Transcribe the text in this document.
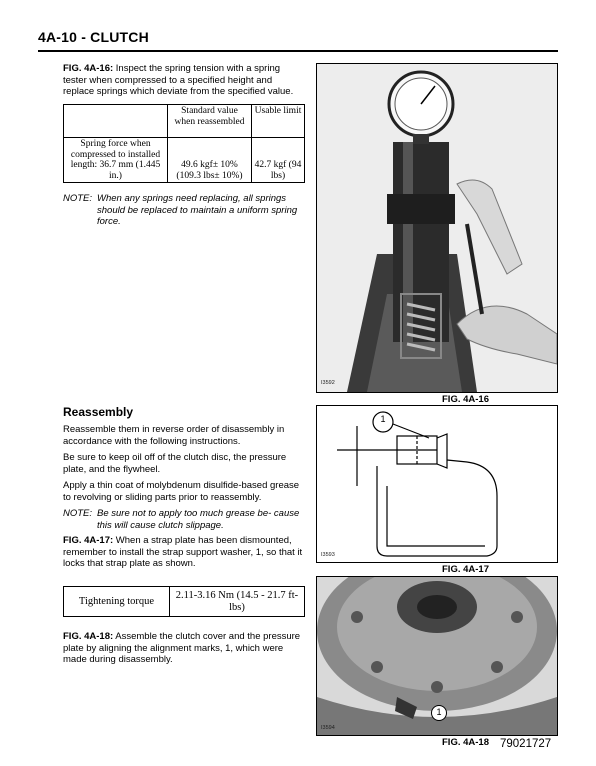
4A-10 - CLUTCH

FIG. 4A-16: Inspect the spring tension with a spring tester when compressed to a specified height and replace springs which deviate from the specified value.

	Standard value when reassembled	Usable limit
Spring force when compressed to installed length: 36.7 mm (1.445 in.)	49.6 kgf± 10% (109.3 lbs± 10%)	42.7 kgf (94 lbs)
NOTE: When any springs need replacing, all springs should be replaced to maintain a uniform spring force.
Reassembly

Reassemble them in reverse order of disassembly in accordance with the following instructions.

Be sure to keep oil off of the clutch disc, the pressure plate, and the flywheel.

Apply a thin coat of molybdenum disulfide-based grease to revolving or sliding parts prior to reassembly.

NOTE: Be sure not to apply too much grease be- cause this will cause clutch slippage.

FIG. 4A-17: When a strap plate has been dismounted, remember to install the strap support washer, 1, so that it locks that strap plate as shown.

Tightening torque	2.11-3.16 Nm (14.5 - 21.7 ft-lbs)

FIG. 4A-18: Assemble the clutch cover and the pressure plate by aligning the alignment marks, 1, which were made during disassembly.

I3592
FIG. 4A-16
1
I3593
FIG. 4A-17
1
I3594
FIG. 4A-18 79021727
